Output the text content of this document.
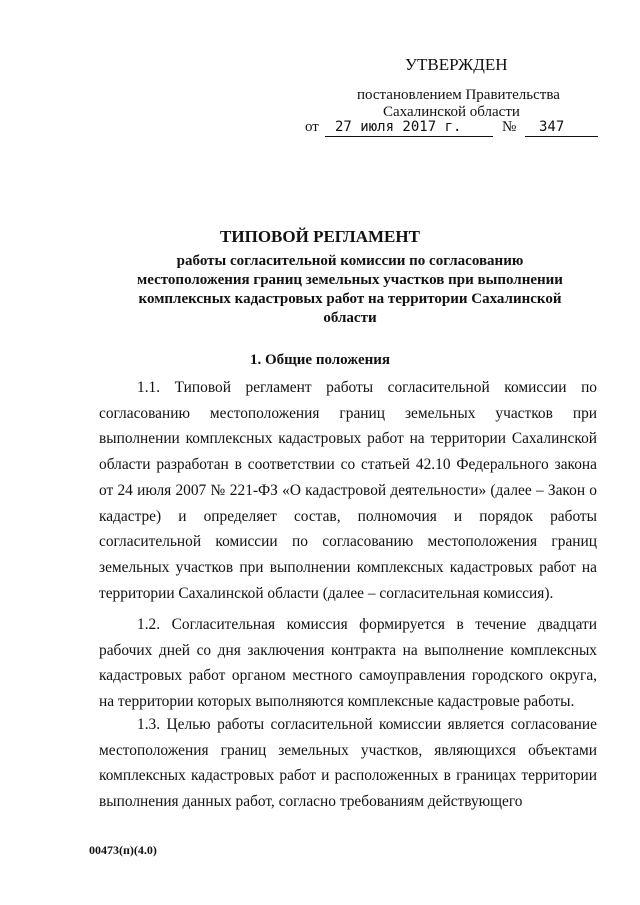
УТВЕРЖДЕН
постановлением Правительства
Сахалинской области
от	27 июля 2017 г.	№	347
ТИПОВОЙ РЕГЛАМЕНТ
работы согласительной комиссии по согласованию местоположения границ земельных участков при выполнении комплексных кадастровых работ на территории Сахалинской области
1. Общие положения

1.1. Типовой регламент работы согласительной комиссии по согласованию местоположения границ земельных участков при выполнении комплексных кадастровых работ на территории Сахалинской области разработан в соответствии со статьей 42.10 Федерального закона от 24 июля 2007 № 221-ФЗ «О кадастровой деятельности» (далее – Закон о кадастре) и определяет состав, полномочия и порядок работы согласительной комиссии по согласованию местоположения границ земельных участков при выполнении комплексных кадастровых работ на территории Сахалинской области (далее – согласительная комиссия).

1.2. Согласительная комиссия формируется в течение двадцати рабочих дней со дня заключения контракта на выполнение комплексных кадастровых работ органом местного самоуправления городского округа, на территории которых выполняются комплексные кадастровые работы.

1.3. Целью работы согласительной комиссии является согласование местоположения границ земельных участков, являющихся объектами комплексных кадастровых работ и расположенных в границах территории выполнения данных работ, согласно требованиям действующего

00473(п)(4.0)
